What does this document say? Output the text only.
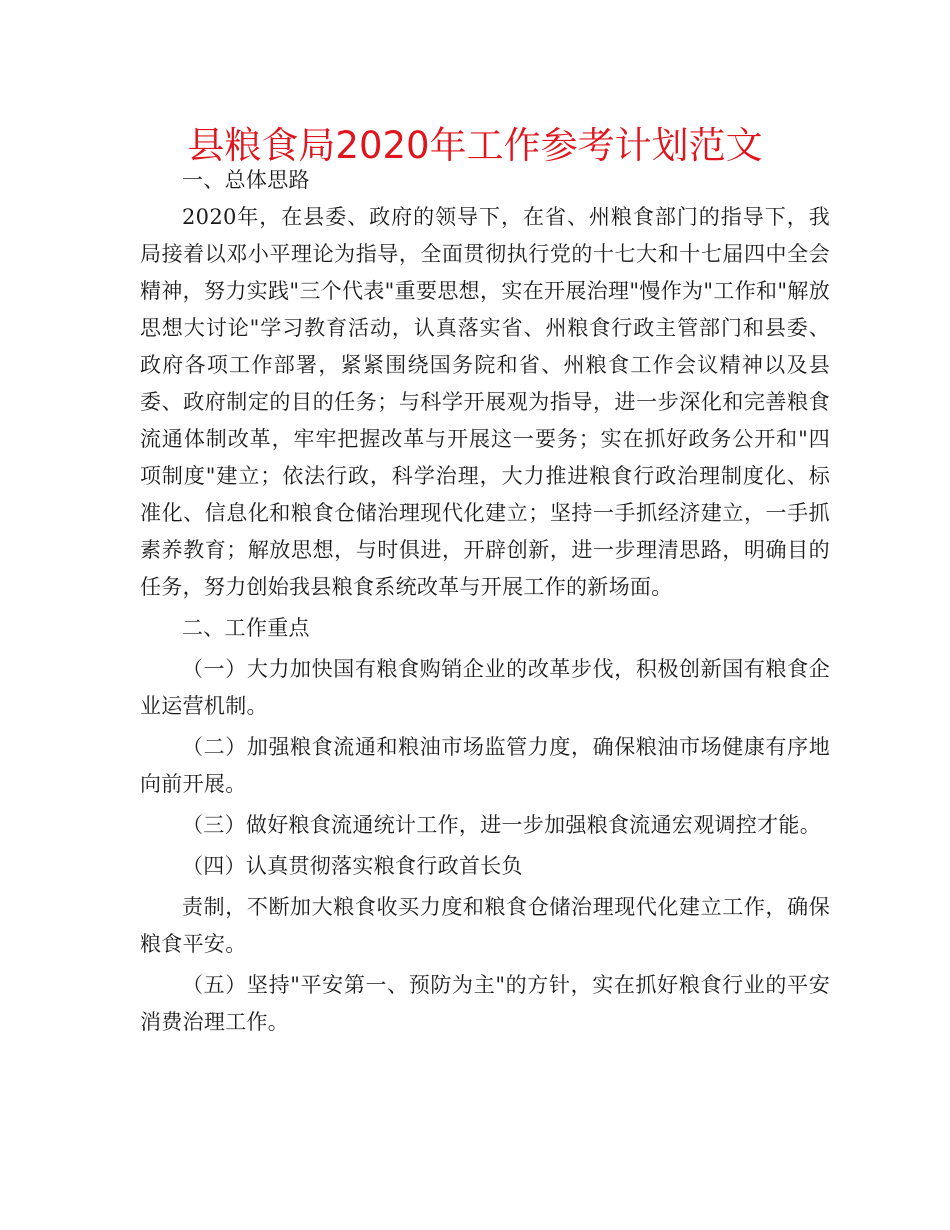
县粮食局2020年工作参考计划范文

一、总体思路

2020年，在县委、政府的领导下，在省、州粮食部门的指导下，我局接着以邓小平理论为指导，全面贯彻执行党的十七大和十七届四中全会精神，努力实践"三个代表"重要思想，实在开展治理"慢作为"工作和"解放思想大讨论"学习教育活动，认真落实省、州粮食行政主管部门和县委、政府各项工作部署，紧紧围绕国务院和省、州粮食工作会议精神以及县委、政府制定的目的任务；与科学开展观为指导，进一步深化和完善粮食流通体制改革，牢牢把握改革与开展这一要务；实在抓好政务公开和"四项制度"建立；依法行政，科学治理，大力推进粮食行政治理制度化、标准化、信息化和粮食仓储治理现代化建立；坚持一手抓经济建立，一手抓素养教育；解放思想，与时俱进，开辟创新，进一步理清思路，明确目的任务，努力创始我县粮食系统改革与开展工作的新场面。

二、工作重点

（一）大力加快国有粮食购销企业的改革步伐，积极创新国有粮食企业运营机制。

（二）加强粮食流通和粮油市场监管力度，确保粮油市场健康有序地向前开展。

（三）做好粮食流通统计工作，进一步加强粮食流通宏观调控才能。

（四）认真贯彻落实粮食行政首长负

责制，不断加大粮食收买力度和粮食仓储治理现代化建立工作，确保粮食平安。

（五）坚持"平安第一、预防为主"的方针，实在抓好粮食行业的平安消费治理工作。
